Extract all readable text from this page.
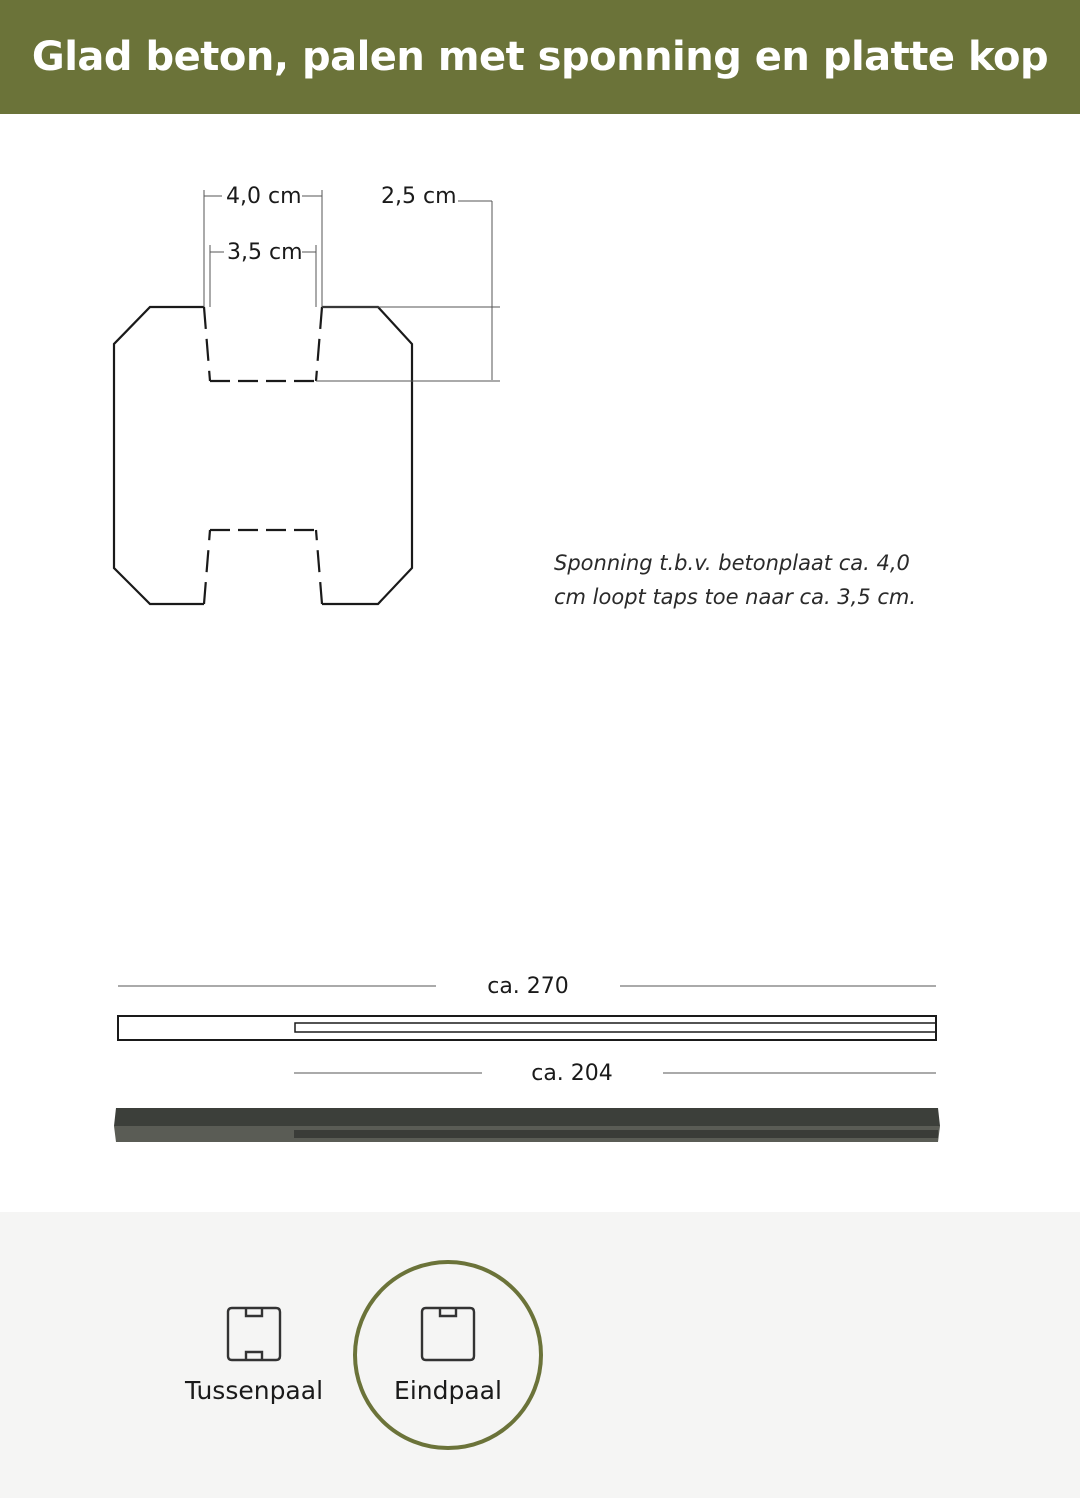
Glad beton, palen met sponning en platte kop
4,0 cm
3,5 cm
2,5 cm
ca. 270
ca. 204
Sponning t.b.v. betonplaat ca. 4,0 cm loopt taps toe naar ca. 3,5 cm.
Tussenpaal	Eindpaal
